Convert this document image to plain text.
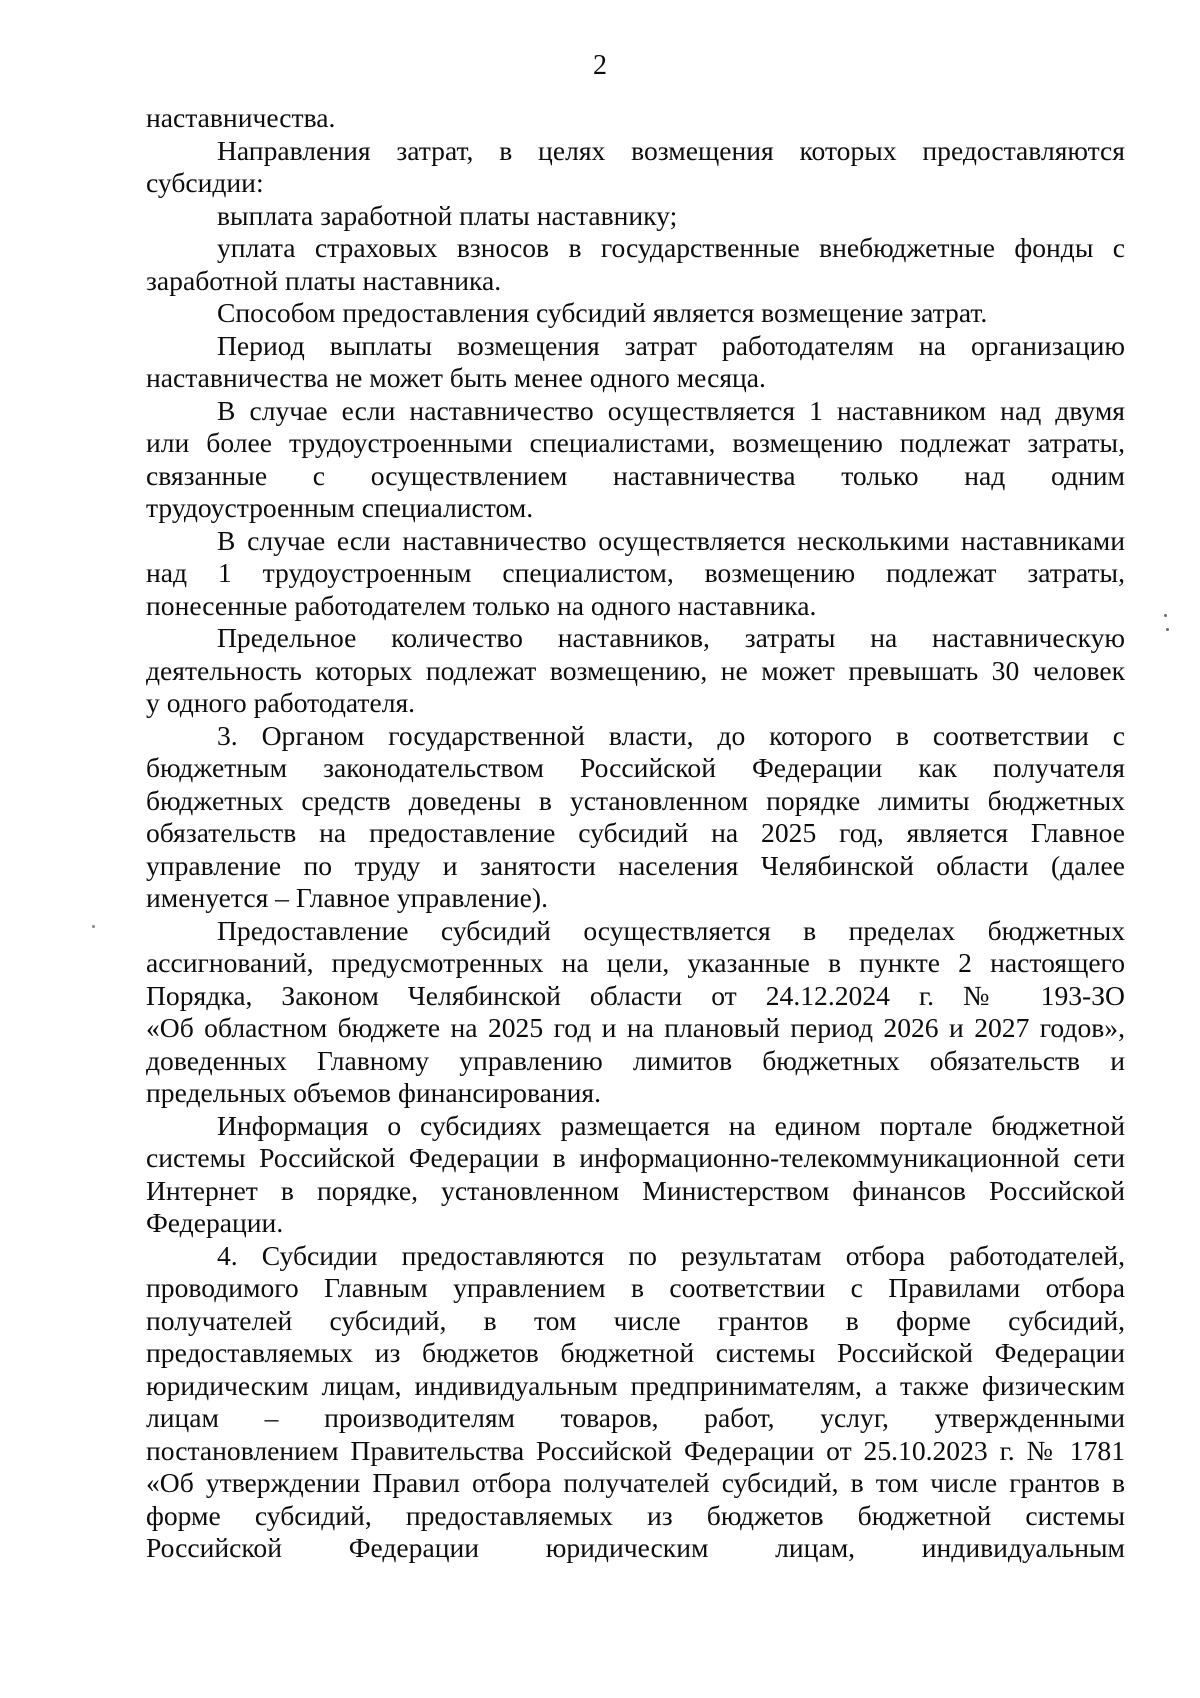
2
наставничества.
Направления затрат, в целях возмещения которых предоставляются
субсидии:
выплата заработной платы наставнику;
уплата страховых взносов в государственные внебюджетные фонды с
заработной платы наставника.
Способом предоставления субсидий является возмещение затрат.
Период выплаты возмещения затрат работодателям на организацию
наставничества не может быть менее одного месяца.
В случае если наставничество осуществляется 1 наставником над двумя
или более трудоустроенными специалистами, возмещению подлежат затраты,
связанные с осуществлением наставничества только над одним
трудоустроенным специалистом.
В случае если наставничество осуществляется несколькими наставниками
над 1 трудоустроенным специалистом, возмещению подлежат затраты,
понесенные работодателем только на одного наставника.
Предельное количество наставников, затраты на наставническую
деятельность которых подлежат возмещению, не может превышать 30 человек
у одного работодателя.
3. Органом государственной власти, до которого в соответствии с
бюджетным законодательством Российской Федерации как получателя
бюджетных средств доведены в установленном порядке лимиты бюджетных
обязательств на предоставление субсидий на 2025 год, является Главное
управление по труду и занятости населения Челябинской области (далее
именуется – Главное управление).
Предоставление субсидий осуществляется в пределах бюджетных
ассигнований, предусмотренных на цели, указанные в пункте 2 настоящего
Порядка, Законом Челябинской области от 24.12.2024 г. № 193-ЗО
«Об областном бюджете на 2025 год и на плановый период 2026 и 2027 годов»,
доведенных Главному управлению лимитов бюджетных обязательств и
предельных объемов финансирования.
Информация о субсидиях размещается на едином портале бюджетной
системы Российской Федерации в информационно-телекоммуникационной сети
Интернет в порядке, установленном Министерством финансов Российской
Федерации.
4. Субсидии предоставляются по результатам отбора работодателей,
проводимого Главным управлением в соответствии с Правилами отбора
получателей субсидий, в том числе грантов в форме субсидий,
предоставляемых из бюджетов бюджетной системы Российской Федерации
юридическим лицам, индивидуальным предпринимателям, а также физическим
лицам – производителям товаров, работ, услуг, утвержденными
постановлением Правительства Российской Федерации от 25.10.2023 г. № 1781
«Об утверждении Правил отбора получателей субсидий, в том числе грантов в
форме субсидий, предоставляемых из бюджетов бюджетной системы
Российской Федерации юридическим лицам, индивидуальным
